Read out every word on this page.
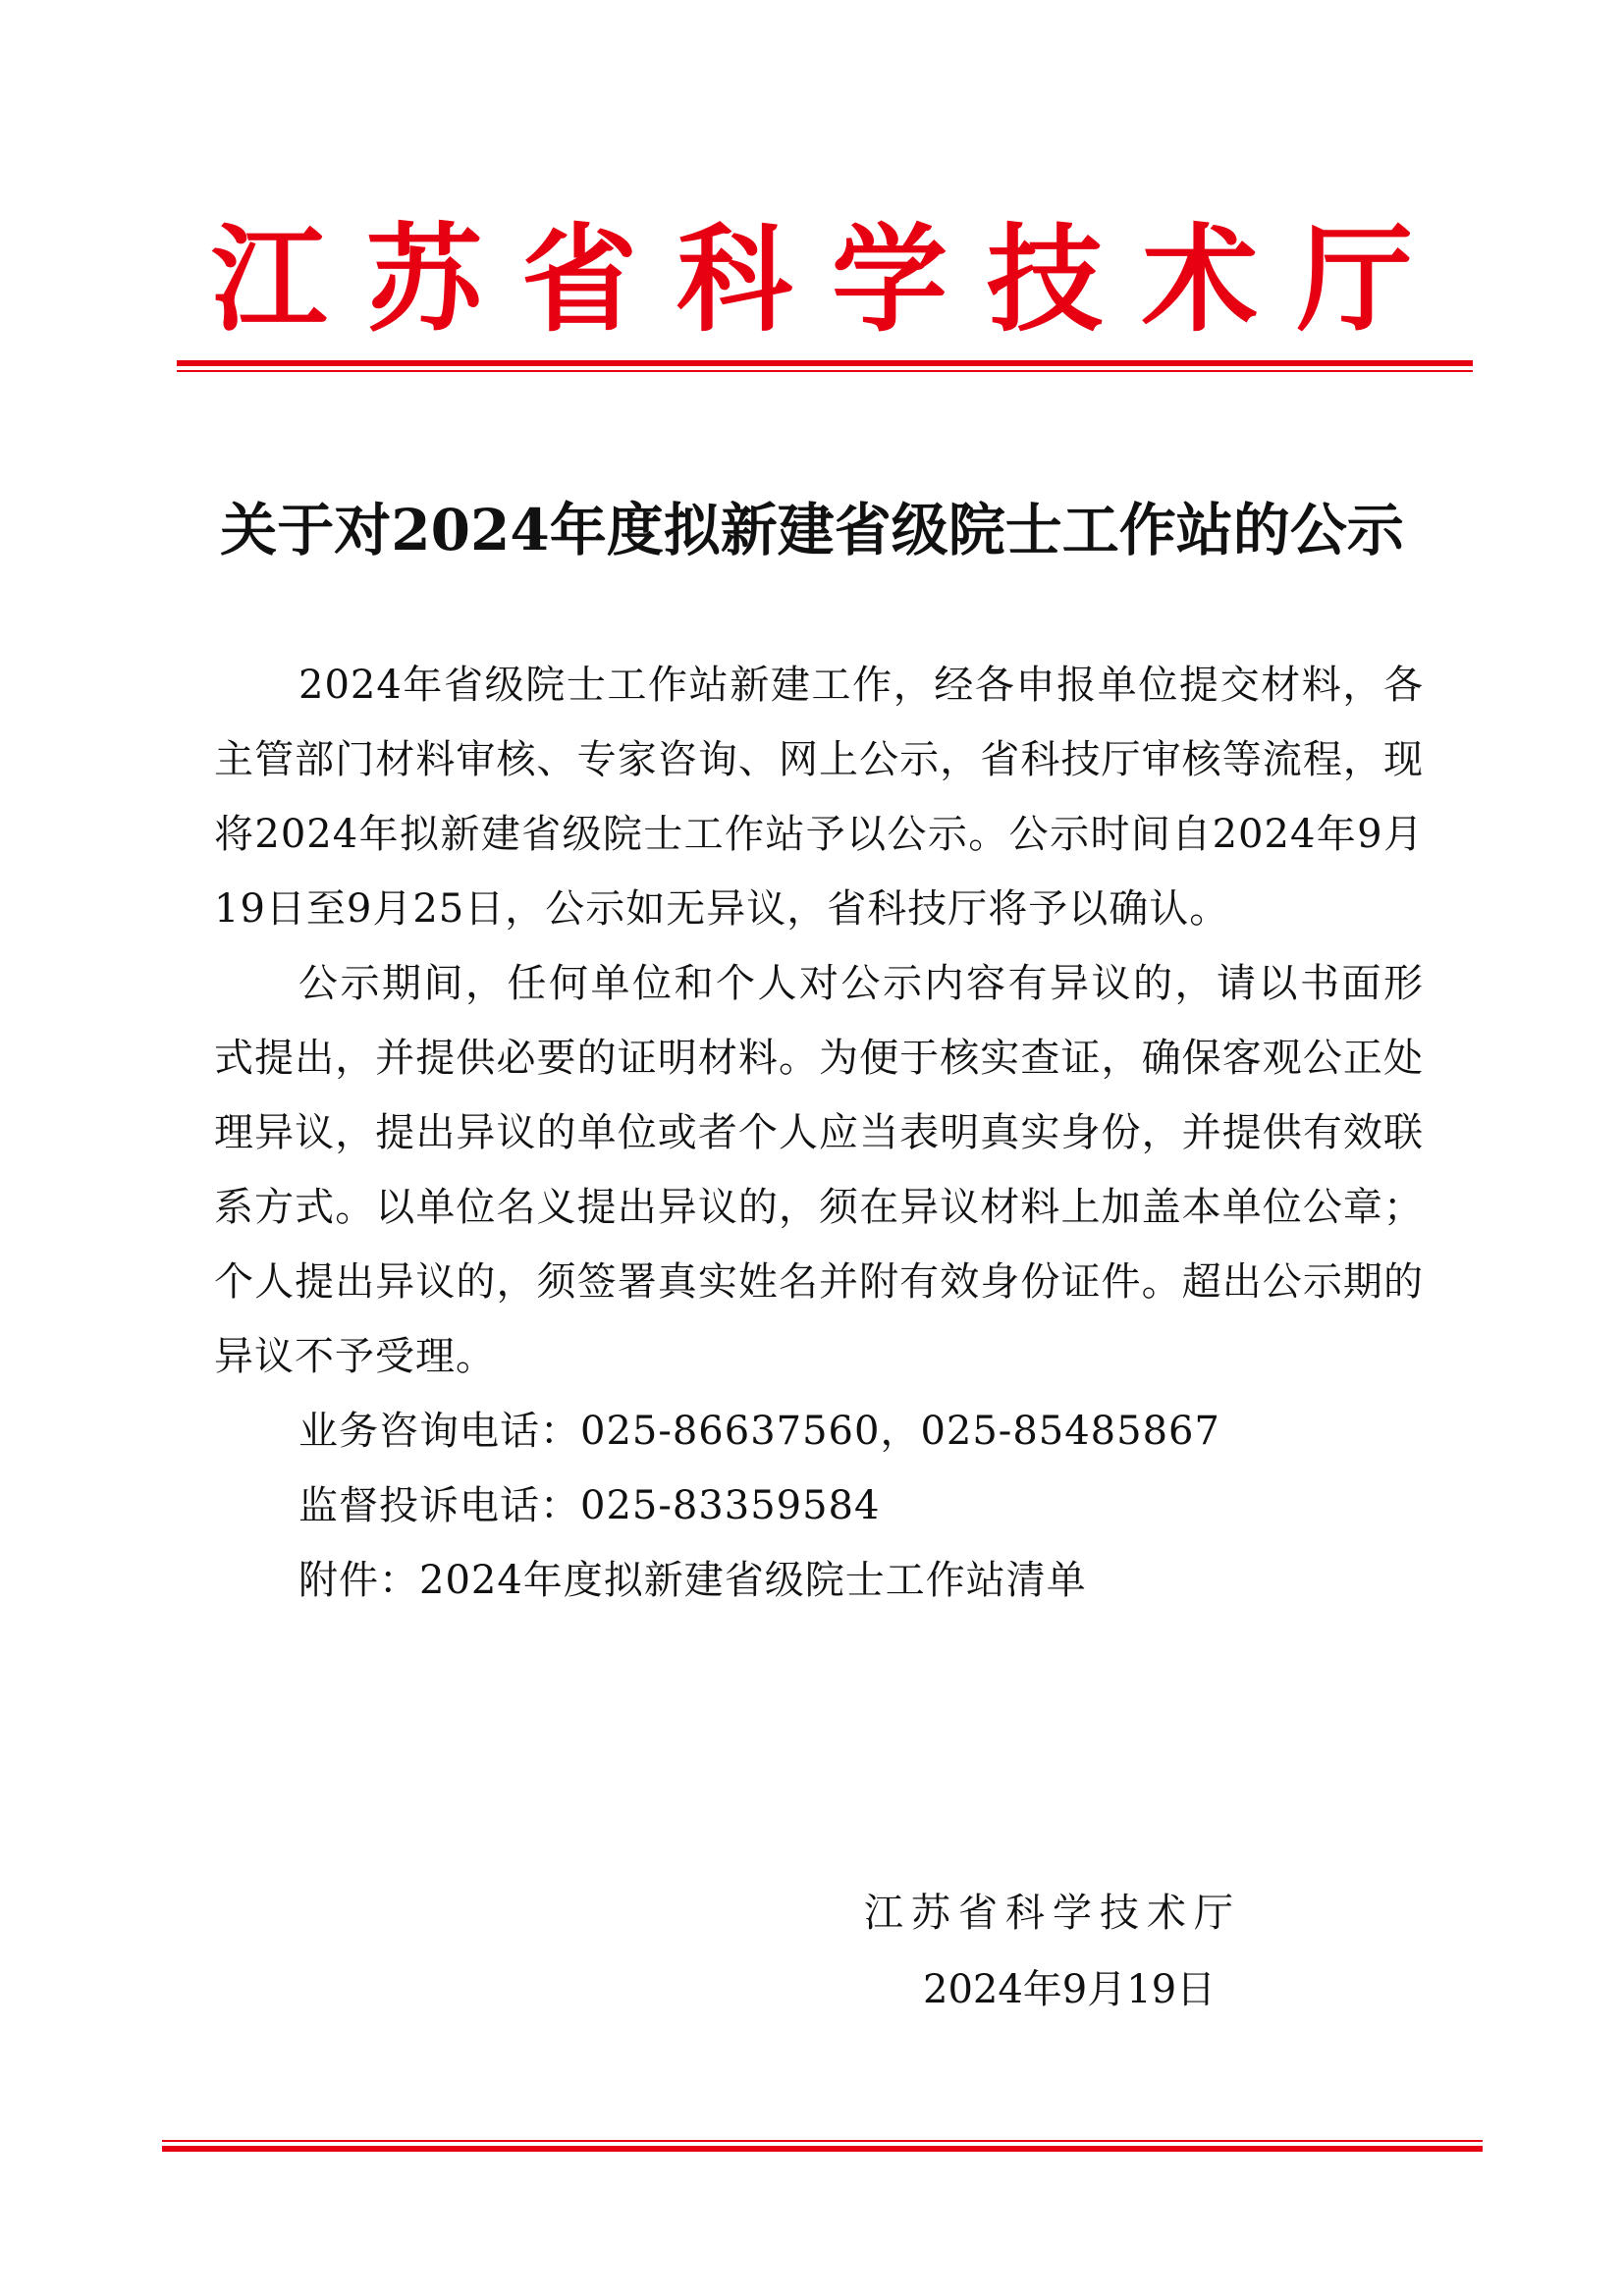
江苏省科学技术厅
关于对2024年度拟新建省级院士工作站的公示

2024年省级院士工作站新建工作，经各申报单位提交材料，各主管部门材料审核、专家咨询、网上公示，省科技厅审核等流程，现将2024年拟新建省级院士工作站予以公示。公示时间自2024年9月19日至9月25日，公示如无异议，省科技厅将予以确认。

公示期间，任何单位和个人对公示内容有异议的，请以书面形式提出，并提供必要的证明材料。为便于核实查证，确保客观公正处理异议，提出异议的单位或者个人应当表明真实身份，并提供有效联系方式。以单位名义提出异议的，须在异议材料上加盖本单位公章；个人提出异议的，须签署真实姓名并附有效身份证件。超出公示期的异议不予受理。

业务咨询电话：025-86637560，025-85485867

监督投诉电话：025-83359584

附件：2024年度拟新建省级院士工作站清单

江苏省科学技术厅
2024年9月19日
